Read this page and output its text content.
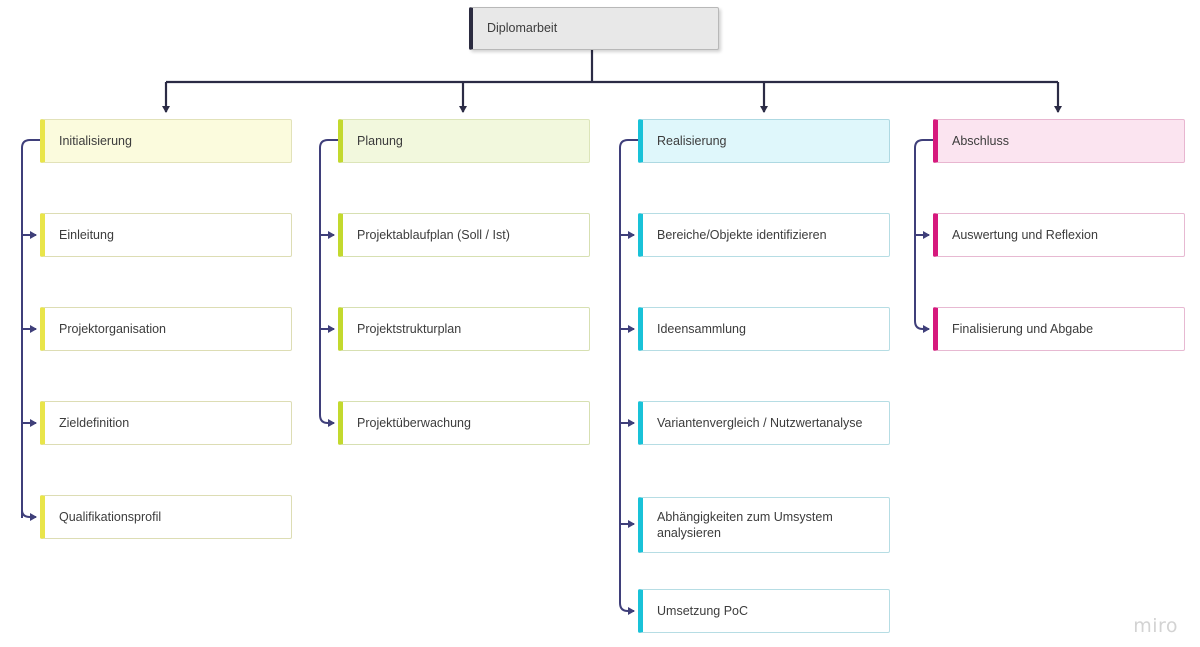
Diplomarbeit
Initialisierung
Einleitung
Projektorganisation
Zieldefinition
Qualifikationsprofil
Planung
Projektablaufplan (Soll / Ist)
Projektstrukturplan
Projektüberwachung
Realisierung
Bereiche/Objekte identifizieren
Ideensammlung
Variantenvergleich / Nutzwertanalyse
Abhängigkeiten zum Umsystem analysieren
Umsetzung PoC
Abschluss
Auswertung und Reflexion
Finalisierung und Abgabe
miro
